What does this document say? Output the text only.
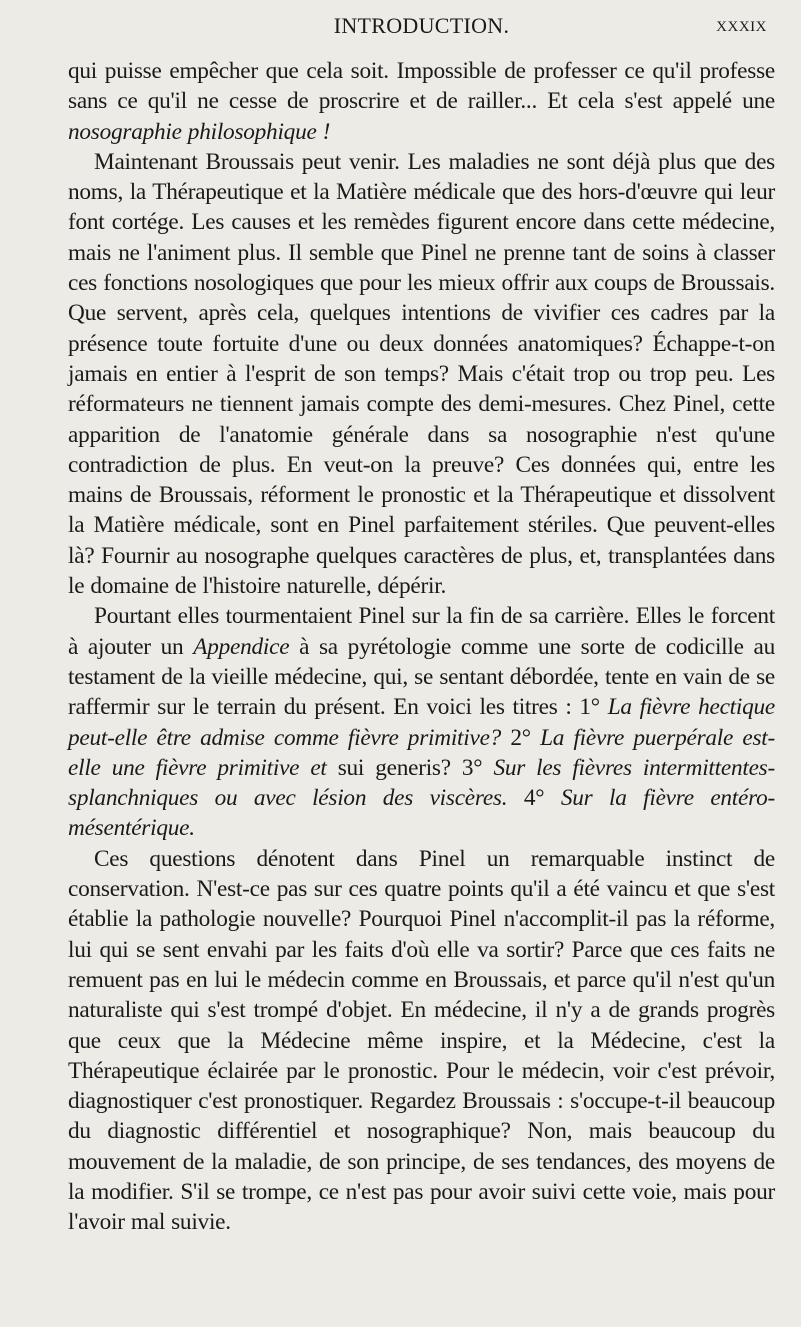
INTRODUCTION.	XXXIX

qui puisse empêcher que cela soit. Impossible de professer ce qu'il professe sans ce qu'il ne cesse de proscrire et de railler... Et cela s'est appelé une nosographie philosophique !

Maintenant Broussais peut venir. Les maladies ne sont déjà plus que des noms, la Thérapeutique et la Matière médicale que des hors-d'œuvre qui leur font cortége. Les causes et les remèdes figurent encore dans cette médecine, mais ne l'animent plus. Il semble que Pinel ne prenne tant de soins à classer ces fonctions nosologiques que pour les mieux offrir aux coups de Broussais. Que servent, après cela, quelques intentions de vivifier ces cadres par la présence toute fortuite d'une ou deux données anatomiques? Échappe-t-on jamais en entier à l'esprit de son temps? Mais c'était trop ou trop peu. Les réformateurs ne tiennent jamais compte des demi-mesures. Chez Pinel, cette apparition de l'anatomie générale dans sa nosographie n'est qu'une contradiction de plus. En veut-on la preuve? Ces données qui, entre les mains de Broussais, réforment le pronostic et la Thérapeutique et dissolvent la Matière médicale, sont en Pinel parfaitement stériles. Que peuvent-elles là? Fournir au nosographe quelques caractères de plus, et, transplantées dans le domaine de l'histoire naturelle, dépérir.

Pourtant elles tourmentaient Pinel sur la fin de sa carrière. Elles le forcent à ajouter un Appendice à sa pyrétologie comme une sorte de codicille au testament de la vieille médecine, qui, se sentant débordée, tente en vain de se raffermir sur le terrain du présent. En voici les titres : 1° La fièvre hectique peut-elle être admise comme fièvre primitive? 2° La fièvre puerpérale est-elle une fièvre primitive et sui generis? 3° Sur les fièvres intermittentes-splanchniques ou avec lésion des viscères. 4° Sur la fièvre entéro-mésentérique.

Ces questions dénotent dans Pinel un remarquable instinct de conservation. N'est-ce pas sur ces quatre points qu'il a été vaincu et que s'est établie la pathologie nouvelle? Pourquoi Pinel n'accomplit-il pas la réforme, lui qui se sent envahi par les faits d'où elle va sortir? Parce que ces faits ne remuent pas en lui le médecin comme en Broussais, et parce qu'il n'est qu'un naturaliste qui s'est trompé d'objet. En médecine, il n'y a de grands progrès que ceux que la Médecine même inspire, et la Médecine, c'est la Thérapeutique éclairée par le pronostic. Pour le médecin, voir c'est prévoir, diagnostiquer c'est pronostiquer. Regardez Broussais : s'occupe-t-il beaucoup du diagnostic différentiel et nosographique? Non, mais beaucoup du mouvement de la maladie, de son principe, de ses tendances, des moyens de la modifier. S'il se trompe, ce n'est pas pour avoir suivi cette voie, mais pour l'avoir mal suivie.
